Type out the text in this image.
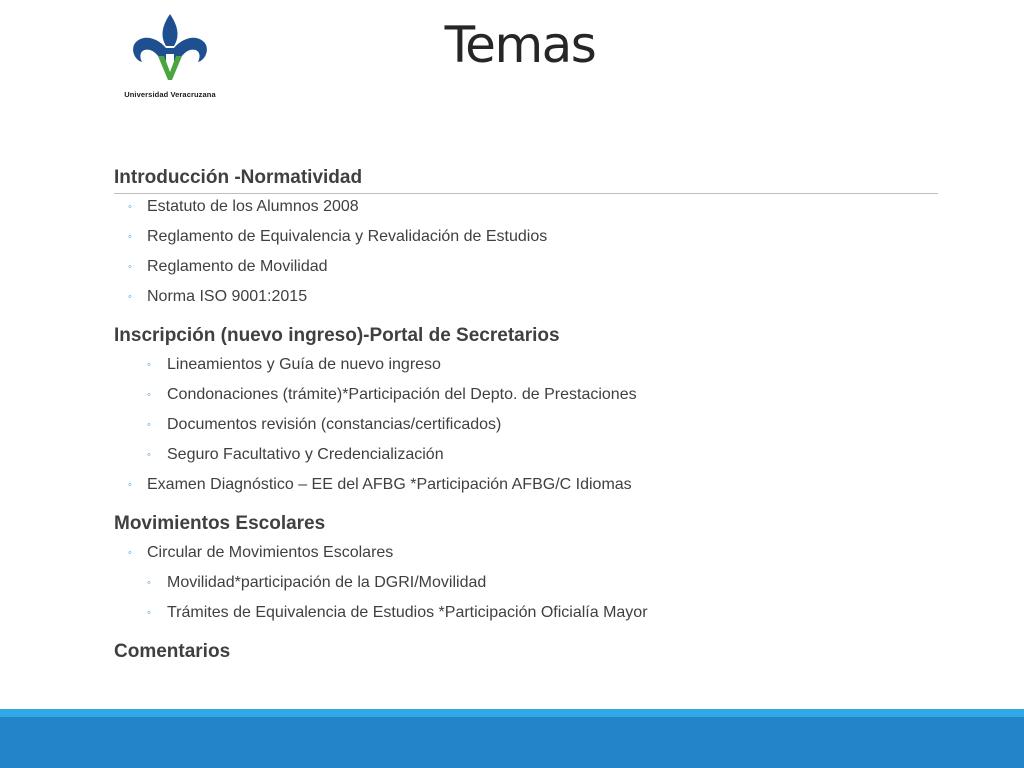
Universidad Veracruzana
Temas
Introducción -Normatividad
◦ Estatuto de los Alumnos 2008
◦ Reglamento de Equivalencia y Revalidación de Estudios
◦ Reglamento de Movilidad
◦ Norma ISO 9001:2015
Inscripción (nuevo ingreso)-Portal de Secretarios
◦ Lineamientos y Guía de nuevo ingreso
◦ Condonaciones (trámite)*Participación del Depto. de Prestaciones
◦ Documentos revisión (constancias/certificados)
◦ Seguro Facultativo y Credencialización
◦ Examen Diagnóstico – EE del AFBG *Participación AFBG/C Idiomas
Movimientos Escolares
◦ Circular de Movimientos Escolares
◦ Movilidad*participación de la DGRI/Movilidad
◦ Trámites de Equivalencia de Estudios *Participación Oficialía Mayor
Comentarios
